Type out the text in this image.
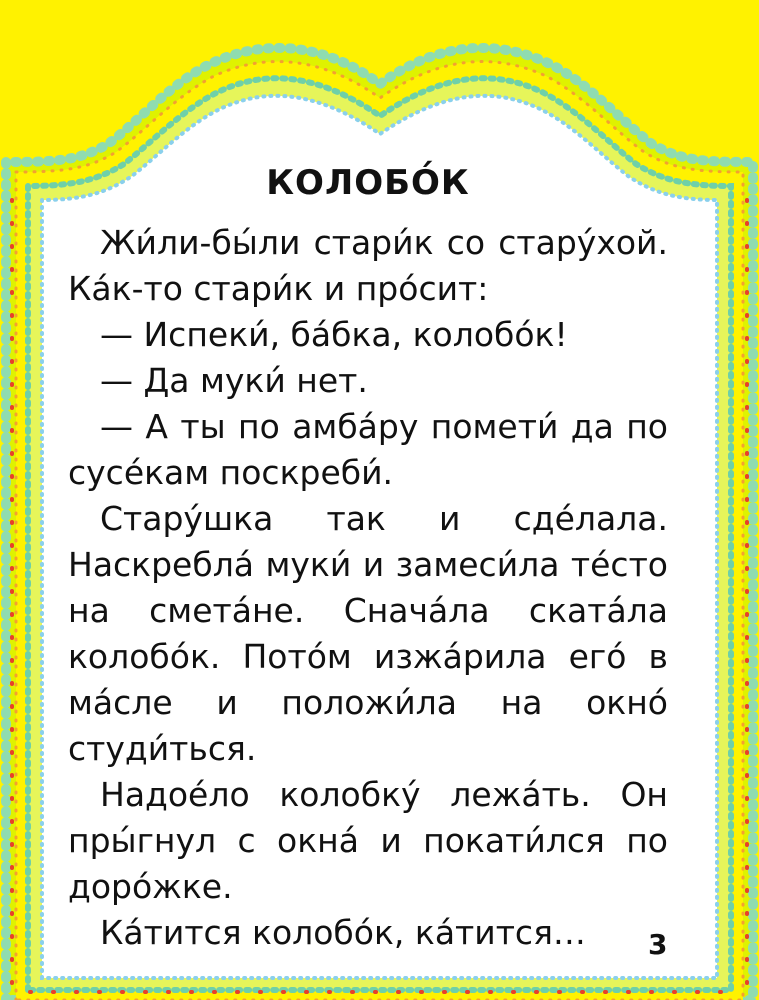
КОЛОБО́К

Жи́ли-бы́ли стари́к со стару́хой. Ка́к-то стари́к и про́сит:

— Испеки́, ба́бка, колобо́к!

— Да муки́ нет.

— А ты по амба́ру помети́ да по сусе́кам поскреби́.

Стару́шка так и сде́лала. Наскребла́ муки́ и замеси́ла те́сто на смета́не. Снача́ла ската́ла колобо́к. Пото́м изжа́рила его́ в ма́сле и положи́ла на окно́ студи́ться.

Надое́ло колобку́ лежа́ть. Он пры́гнул с окна́ и покати́лся по доро́жке.

Ка́тится колобо́к, ка́тится…	3
